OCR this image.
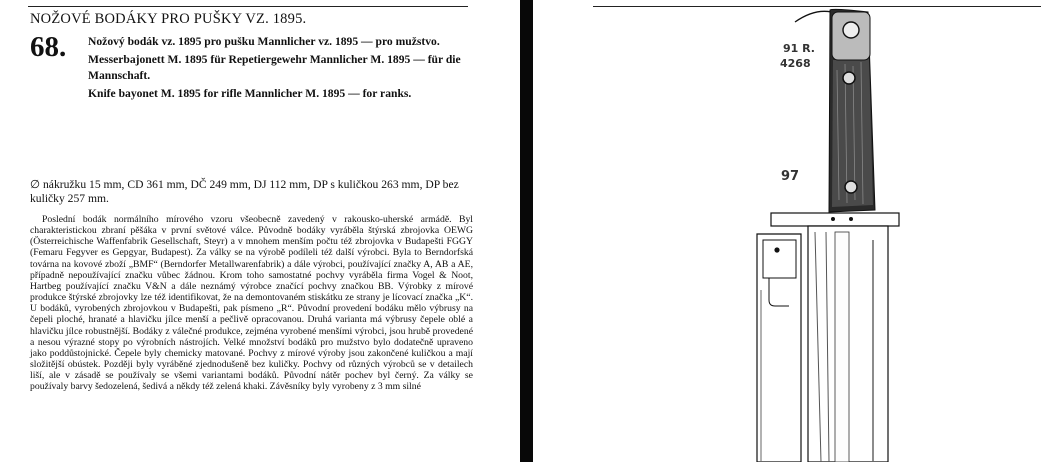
NOŽOVÉ BODÁKY PRO PUŠKY VZ. 1895.
68. Nožový bodák vz. 1895 pro pušku Mannlicher vz. 1895 — pro mužstvo.

Messerbajonett M. 1895 für Repetiergewehr Mannlicher M. 1895 — für die Mannschaft.

Knife bayonet M. 1895 for rifle Mannlicher M. 1895 — for ranks.

∅ nákružku 15 mm, CD 361 mm, DČ 249 mm, DJ 112 mm, DP s kuličkou 263 mm, DP bez kuličky 257 mm.
Poslední bodák normálního mírového vzoru všeobecně zavedený v rakousko-uherské armádě. Byl charakteristickou zbraní pěšáka v první světové válce. Původně bodáky vyráběla štýrská zbrojovka OEWG (Österreichische Waffenfabrik Gesellschaft, Steyr) a v mnohem menším počtu též zbrojovka v Budapešti FGGY (Femaru Fegyver es Gepgyar, Budapest). Za války se na výrobě podíleli též další výrobci. Byla to Berndorfská továrna na kovové zboží „BMF“ (Berndorfer Metallwarenfabrik) a dále výrobci, používající značky A, AB a AE, případně nepoužívající značku vůbec žádnou. Krom toho samostatné pochvy vyráběla firma Vogel & Noot, Hartbeg používající značku V&N a dále neznámý výrobce značící pochvy značkou BB. Výrobky z mírové produkce štýrské zbrojovky lze též identifikovat, že na demontovaném stiskátku ze strany je lícovací značka „K“. U bodáků, vyrobených zbrojovkou v Budapešti, pak písmeno „R“. Původní provedení bodáku mělo výbrusy na čepeli ploché, hranaté a hlavičku jílce menší a pečlivě opracovanou. Druhá varianta má výbrusy čepele oblé a hlavičku jílce robustnější. Bodáky z válečné produkce, zejména vyrobené menšími výrobci, jsou hrubě provedené a nesou výrazné stopy po výrobních nástrojích. Velké množství bodáků pro mužstvo bylo dodatečně upraveno jako poddůstojnické. Čepele byly chemicky matované. Pochvy z mírové výroby jsou zakončené kuličkou a mají složitější obústek. Později byly vyráběné zjednodušeně bez kuličky. Pochvy od různých výrobců se v detailech liší, ale v zásadě se používaly se všemi variantami bodáků. Původní nátěr pochev byl černý. Za války se používaly barvy šedozelená, šedivá a někdy též zelená khaki. Závěsníky byly vyrobeny z 3 mm silné
91 R.
4268
97
